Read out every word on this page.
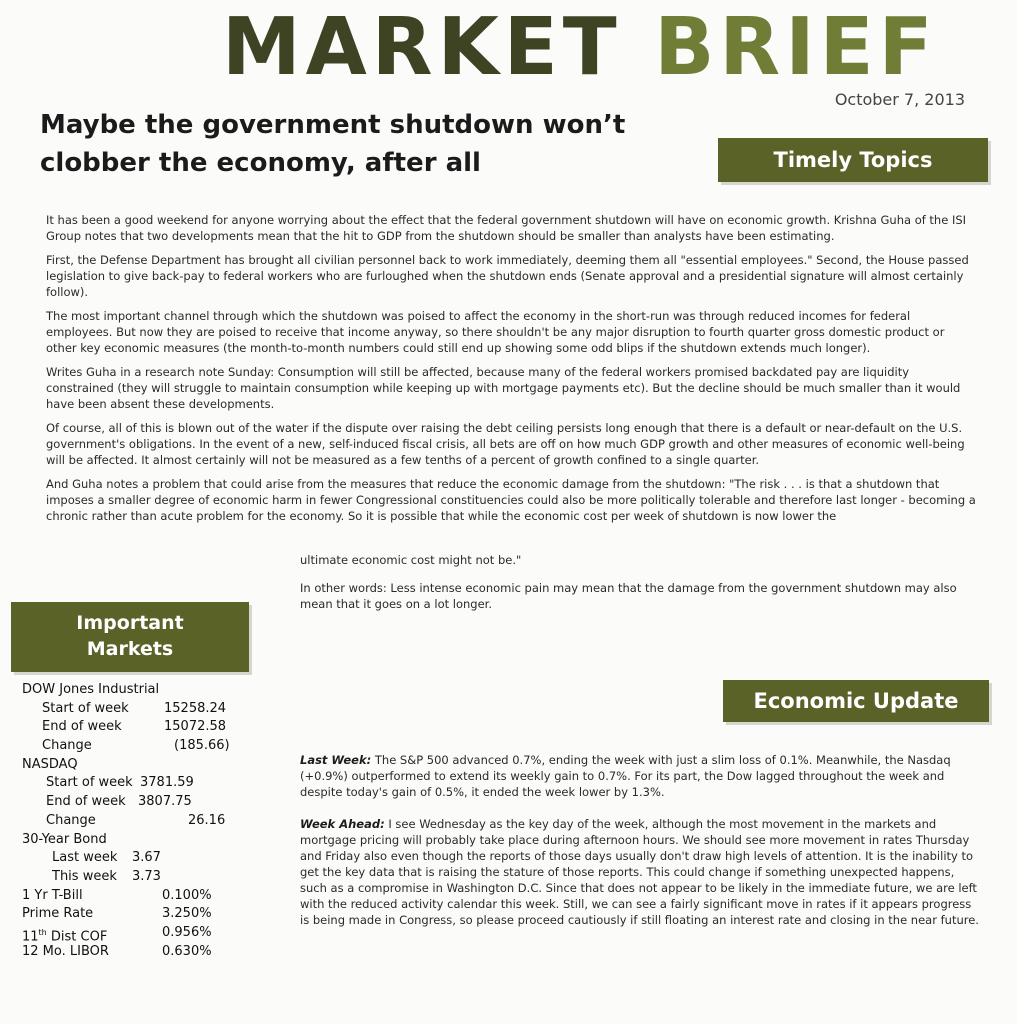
MARKET BRIEF
October 7, 2013
Maybe the government shutdown won’t
clobber the economy, after all	Timely Topics

It has been a good weekend for anyone worrying about the effect that the federal government shutdown will have on economic growth. Krishna Guha of the ISI Group notes that two developments mean that the hit to GDP from the shutdown should be smaller than analysts have been estimating.

First, the Defense Department has brought all civilian personnel back to work immediately, deeming them all "essential employees." Second, the House passed legislation to give back-pay to federal workers who are furloughed when the shutdown ends (Senate approval and a presidential signature will almost certainly follow).

The most important channel through which the shutdown was poised to affect the economy in the short-run was through reduced incomes for federal employees. But now they are poised to receive that income anyway, so there shouldn't be any major disruption to fourth quarter gross domestic product or other key economic measures (the month-to-month numbers could still end up showing some odd blips if the shutdown extends much longer).

Writes Guha in a research note Sunday: Consumption will still be affected, because many of the federal workers promised backdated pay are liquidity constrained (they will struggle to maintain consumption while keeping up with mortgage payments etc). But the decline should be much smaller than it would have been absent these developments.

Of course, all of this is blown out of the water if the dispute over raising the debt ceiling persists long enough that there is a default or near-default on the U.S. government's obligations. In the event of a new, self-induced fiscal crisis, all bets are off on how much GDP growth and other measures of economic well-being will be affected. It almost certainly will not be measured as a few tenths of a percent of growth confined to a single quarter.

And Guha notes a problem that could arise from the measures that reduce the economic damage from the shutdown: "The risk . . . is that a shutdown that imposes a smaller degree of economic harm in fewer Congressional constituencies could also be more politically tolerable and therefore last longer - becoming a chronic rather than acute problem for the economy. So it is possible that while the economic cost per week of shutdown is now lower the

ultimate economic cost might not be."

In other words: Less intense economic pain may mean that the damage from the government shutdown may also mean that it goes on a lot longer.

Important
Markets
DOW Jones Industrial
Start of week	15258.24
End of week	15072.58
Change	(185.66)
NASDAQ
Start of week 3781.59
End of week 3807.75
Change	26.16
30-Year Bond
Last week 3.67
This week 3.73
1 Yr T-Bill	0.100%
Prime Rate	3.250%
11th Dist COF	0.956%
12 Mo. LIBOR	0.630%
Economic Update

Last Week: The S&P 500 advanced 0.7%, ending the week with just a slim loss of 0.1%. Meanwhile, the Nasdaq (+0.9%) outperformed to extend its weekly gain to 0.7%. For its part, the Dow lagged throughout the week and despite today's gain of 0.5%, it ended the week lower by 1.3%.

Week Ahead: I see Wednesday as the key day of the week, although the most movement in the markets and mortgage pricing will probably take place during afternoon hours. We should see more movement in rates Thursday and Friday also even though the reports of those days usually don't draw high levels of attention. It is the inability to get the key data that is raising the stature of those reports. This could change if something unexpected happens, such as a compromise in Washington D.C. Since that does not appear to be likely in the immediate future, we are left with the reduced activity calendar this week. Still, we can see a fairly significant move in rates if it appears progress is being made in Congress, so please proceed cautiously if still floating an interest rate and closing in the near future.
